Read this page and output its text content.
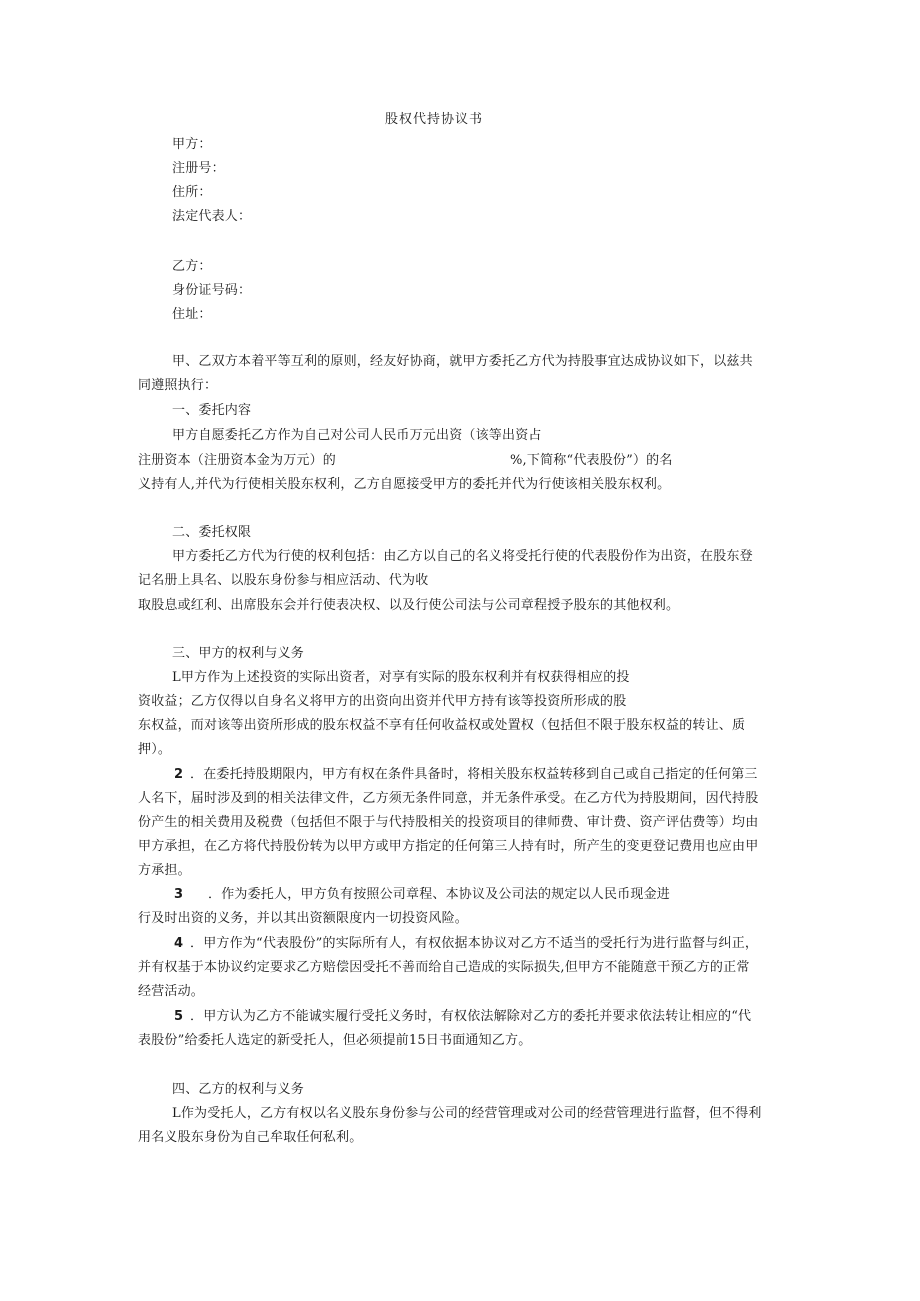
股权代持协议书
甲方：
注册号：
住所：
法定代表人：
乙方：
身份证号码：
住址：
甲、乙双方本着平等互利的原则，经友好协商，就甲方委托乙方代为持股事宜达成协议如下，以兹共
同遵照执行：
一、委托内容
甲方自愿委托乙方作为自己对公司人民币万元出资（该等出资占
注册资本（注册资本金为万元）的	%,下简称“代表股份”）的名
义持有人,并代为行使相关股东权利，乙方自愿接受甲方的委托并代为行使该相关股东权利。
二、委托权限
甲方委托乙方代为行使的权利包括：由乙方以自己的名义将受托行使的代表股份作为出资，在股东登
记名册上具名、以股东身份参与相应活动、代为收
取股息或红利、出席股东会并行使表决权、以及行使公司法与公司章程授予股东的其他权利。
三、甲方的权利与义务
L甲方作为上述投资的实际出资者，对享有实际的股东权利并有权获得相应的投
资收益；乙方仅得以自身名义将甲方的出资向出资并代甲方持有该等投资所形成的股
东权益，而对该等出资所形成的股东权益不享有任何收益权或处置权（包括但不限于股东权益的转让、质
押）。
2 ．在委托持股期限内，甲方有权在条件具备时，将相关股东权益转移到自己或自己指定的任何第三
人名下，届时涉及到的相关法律文件，乙方须无条件同意，并无条件承受。在乙方代为持股期间，因代持股
份产生的相关费用及税费（包括但不限于与代持股相关的投资项目的律师费、审计费、资产评估费等）均由
甲方承担，在乙方将代持股份转为以甲方或甲方指定的任何第三人持有时，所产生的变更登记费用也应由甲
方承担。
3 ．作为委托人，甲方负有按照公司章程、本协议及公司法的规定以人民币现金进
行及时出资的义务，并以其出资额限度内一切投资风险。
4 ．甲方作为“代表股份”的实际所有人，有权依据本协议对乙方不适当的受托行为进行监督与纠正，
并有权基于本协议约定要求乙方赔偿因受托不善而给自己造成的实际损失,但甲方不能随意干预乙方的正常
经营活动。
5 ．甲方认为乙方不能诚实履行受托义务时，有权依法解除对乙方的委托并要求依法转让相应的“代
表股份”给委托人选定的新受托人，但必须提前15日书面通知乙方。
四、乙方的权利与义务
L作为受托人，乙方有权以名义股东身份参与公司的经营管理或对公司的经营管理进行监督，但不得利
用名义股东身份为自己牟取任何私利。
